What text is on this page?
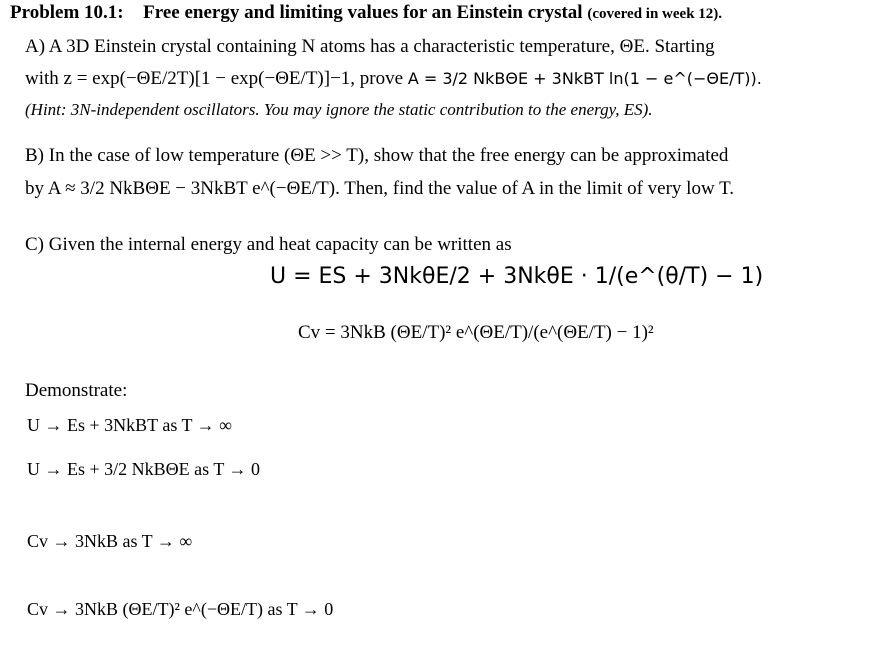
Problem 10.1: Free energy and limiting values for an Einstein crystal (covered in week 12).
A) A 3D Einstein crystal containing N atoms has a characteristic temperature, ΘE. Starting
with z = exp(−ΘE/2T)[1 − exp(−ΘE/T)]−1, prove A = 3/2 NkBΘE + 3NkBT ln(1 − e^(−ΘE/T)).
(Hint: 3N-independent oscillators. You may ignore the static contribution to the energy, ES).
B) In the case of low temperature (ΘE >> T), show that the free energy can be approximated
by A ≈ 3/2 NkBΘE − 3NkBT e^(−ΘE/T). Then, find the value of A in the limit of very low T.
C) Given the internal energy and heat capacity can be written as
U = ES + 3NkθE/2 + 3NkθE · 1/(e^(θ/T) − 1)
Cv = 3NkB (ΘE/T)² e^(ΘE/T)/(e^(ΘE/T) − 1)²
Demonstrate:
U → Es + 3NkBT as T → ∞
U → Es + 3/2 NkBΘE as T → 0
Cv → 3NkB as T → ∞
Cv → 3NkB (ΘE/T)² e^(−ΘE/T) as T → 0
